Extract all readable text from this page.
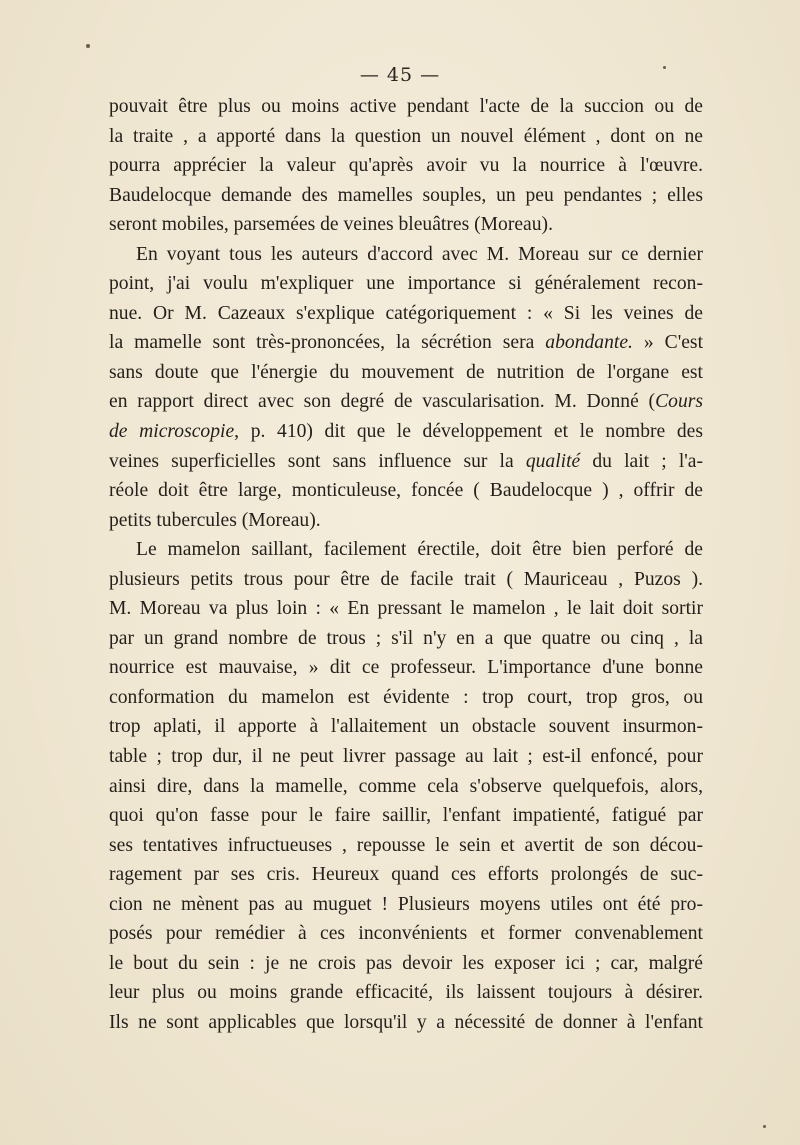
— 45 —
pouvait être plus ou moins active pendant l'acte de la succion ou de
la traite , a apporté dans la question un nouvel élément , dont on ne
pourra apprécier la valeur qu'après avoir vu la nourrice à l'œuvre.
Baudelocque demande des mamelles souples, un peu pendantes ; elles
seront mobiles, parsemées de veines bleuâtres (Moreau).
En voyant tous les auteurs d'accord avec M. Moreau sur ce dernier
point, j'ai voulu m'expliquer une importance si généralement recon-
nue. Or M. Cazeaux s'explique catégoriquement : « Si les veines de
la mamelle sont très-prononcées, la sécrétion sera abondante. » C'est
sans doute que l'énergie du mouvement de nutrition de l'organe est
en rapport direct avec son degré de vascularisation. M. Donné (Cours
de microscopie, p. 410) dit que le développement et le nombre des
veines superficielles sont sans influence sur la qualité du lait ; l'a-
réole doit être large, monticuleuse, foncée ( Baudelocque ) , offrir de
petits tubercules (Moreau).
Le mamelon saillant, facilement érectile, doit être bien perforé de
plusieurs petits trous pour être de facile trait ( Mauriceau , Puzos ).
M. Moreau va plus loin : « En pressant le mamelon , le lait doit sortir
par un grand nombre de trous ; s'il n'y en a que quatre ou cinq , la
nourrice est mauvaise, » dit ce professeur. L'importance d'une bonne
conformation du mamelon est évidente : trop court, trop gros, ou
trop aplati, il apporte à l'allaitement un obstacle souvent insurmon-
table ; trop dur, il ne peut livrer passage au lait ; est-il enfoncé, pour
ainsi dire, dans la mamelle, comme cela s'observe quelquefois, alors,
quoi qu'on fasse pour le faire saillir, l'enfant impatienté, fatigué par
ses tentatives infructueuses , repousse le sein et avertit de son décou-
ragement par ses cris. Heureux quand ces efforts prolongés de suc-
cion ne mènent pas au muguet ! Plusieurs moyens utiles ont été pro-
posés pour remédier à ces inconvénients et former convenablement
le bout du sein : je ne crois pas devoir les exposer ici ; car, malgré
leur plus ou moins grande efficacité, ils laissent toujours à désirer.
Ils ne sont applicables que lorsqu'il y a nécessité de donner à l'enfant
